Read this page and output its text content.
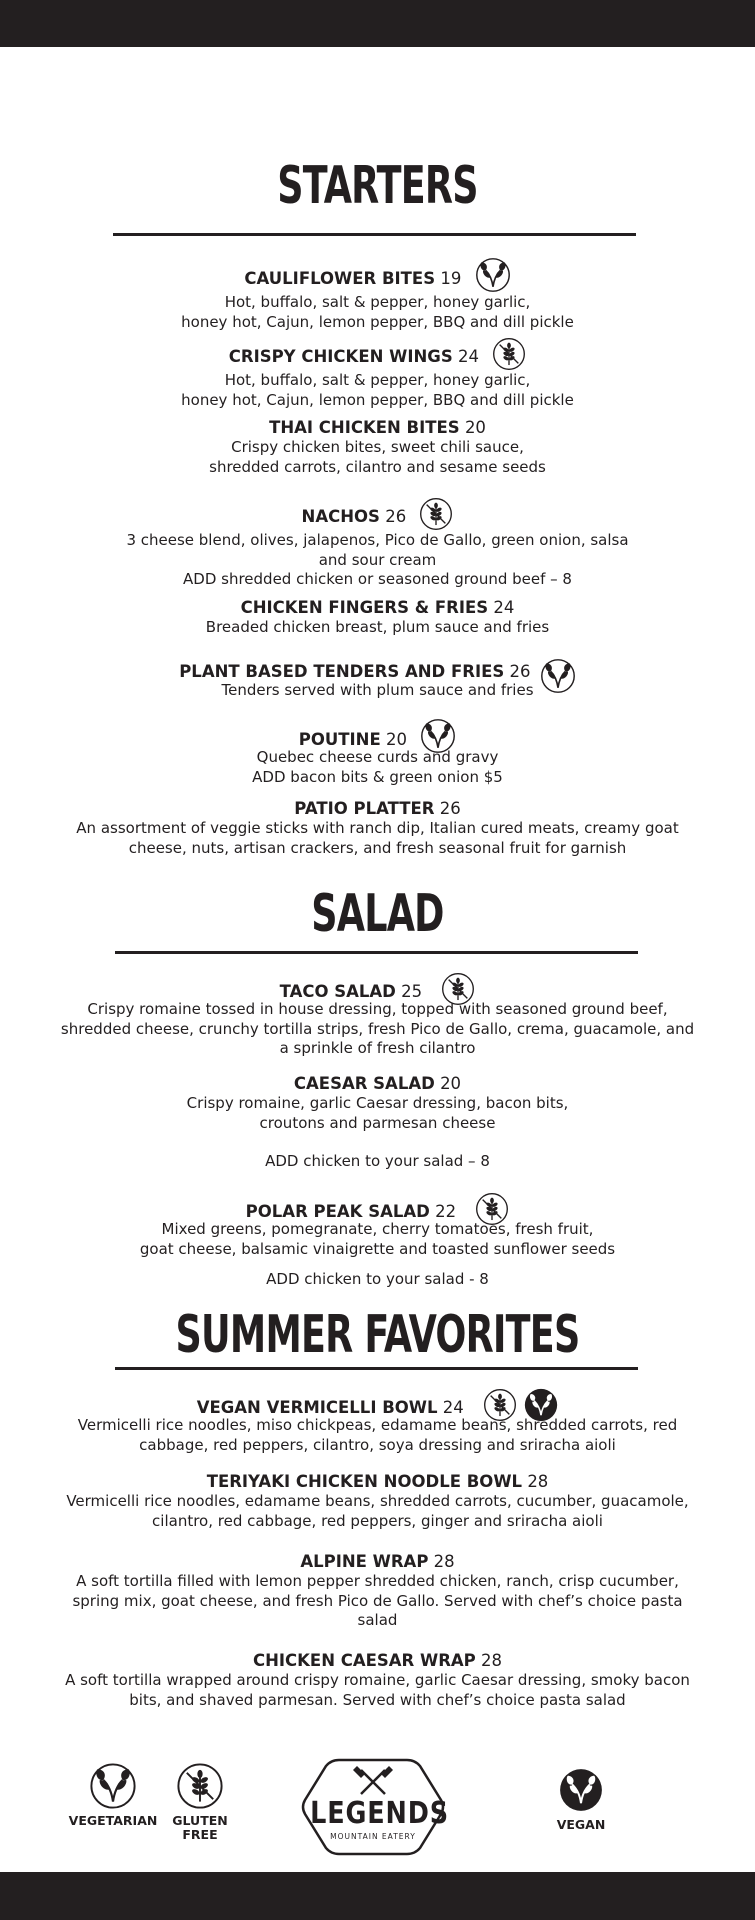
STARTERS
CAULIFLOWER BITES 19
Hot, buffalo, salt & pepper, honey garlic,
honey hot, Cajun, lemon pepper, BBQ and dill pickle
CRISPY CHICKEN WINGS 24
Hot, buffalo, salt & pepper, honey garlic,
honey hot, Cajun, lemon pepper, BBQ and dill pickle
THAI CHICKEN BITES 20
Crispy chicken bites, sweet chili sauce,
shredded carrots, cilantro and sesame seeds
NACHOS 26
3 cheese blend, olives, jalapenos, Pico de Gallo, green onion, salsa
and sour cream
ADD shredded chicken or seasoned ground beef – 8
CHICKEN FINGERS & FRIES 24
Breaded chicken breast, plum sauce and fries
PLANT BASED TENDERS AND FRIES 26
Tenders served with plum sauce and fries
POUTINE 20
Quebec cheese curds and gravy
ADD bacon bits & green onion $5
PATIO PLATTER 26
An assortment of veggie sticks with ranch dip, Italian cured meats, creamy goat
cheese, nuts, artisan crackers, and fresh seasonal fruit for garnish
SALAD
TACO SALAD 25
Crispy romaine tossed in house dressing, topped with seasoned ground beef,
shredded cheese, crunchy tortilla strips, fresh Pico de Gallo, crema, guacamole, and
a sprinkle of fresh cilantro
CAESAR SALAD 20
Crispy romaine, garlic Caesar dressing, bacon bits,
croutons and parmesan cheese
ADD chicken to your salad – 8
POLAR PEAK SALAD 22
Mixed greens, pomegranate, cherry tomatoes, fresh fruit,
goat cheese, balsamic vinaigrette and toasted sunflower seeds
ADD chicken to your salad - 8
SUMMER FAVORITES
VEGAN VERMICELLI BOWL 24

Vermicelli rice noodles, miso chickpeas, edamame beans, shredded carrots, red
cabbage, red peppers, cilantro, soya dressing and sriracha aioli
TERIYAKI CHICKEN NOODLE BOWL 28
Vermicelli rice noodles, edamame beans, shredded carrots, cucumber, guacamole,
cilantro, red cabbage, red peppers, ginger and sriracha aioli
ALPINE WRAP 28
A soft tortilla filled with lemon pepper shredded chicken, ranch, crisp cucumber,
spring mix, goat cheese, and fresh Pico de Gallo. Served with chef’s choice pasta
salad
CHICKEN CAESAR WRAP 28
A soft tortilla wrapped around crispy romaine, garlic Caesar dressing, smoky bacon
bits, and shaved parmesan. Served with chef’s choice pasta salad
VEGETARIAN	GLUTEN
FREE
LEGENDS
MOUNTAIN EATERY
VEGAN
